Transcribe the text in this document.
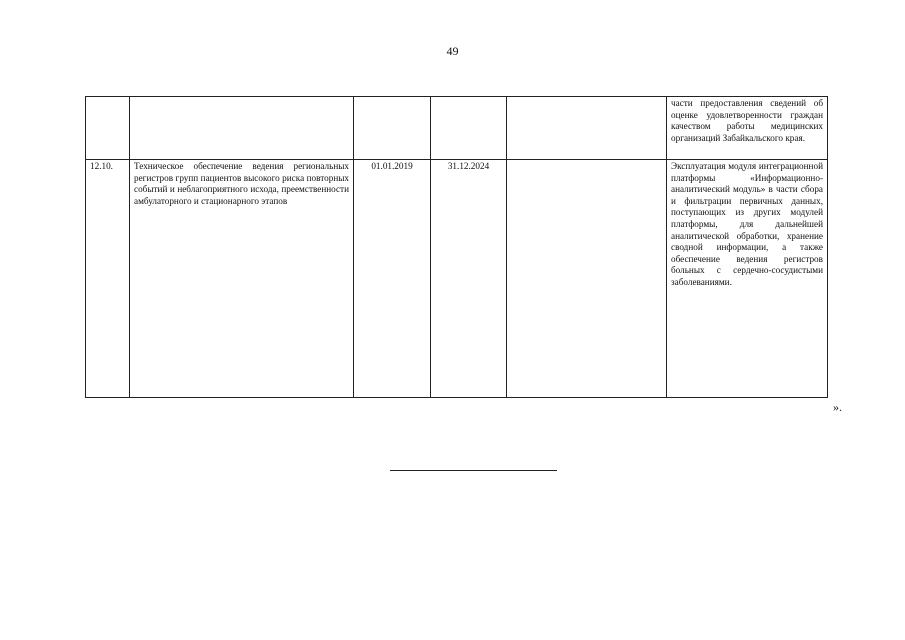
49
					части предоставления сведений об оценке удовлетворенности граждан качеством работы медицинских организаций Забайкальского края.
12.10.	Техническое обеспечение ведения региональных регистров групп пациентов высокого риска повторных событий и неблагоприятного исхода, преемственности амбулаторного и стационарного этапов	01.01.2019	31.12.2024		Эксплуатация модуля интеграционной платформы «Информационно-аналитический модуль» в части сбора и фильтрации первичных данных, поступающих из других модулей платформы, для дальнейшей аналитической обработки, хранение сводной информации, а также обеспечение ведения регистров больных с сердечно-сосудистыми заболеваниями.
».
